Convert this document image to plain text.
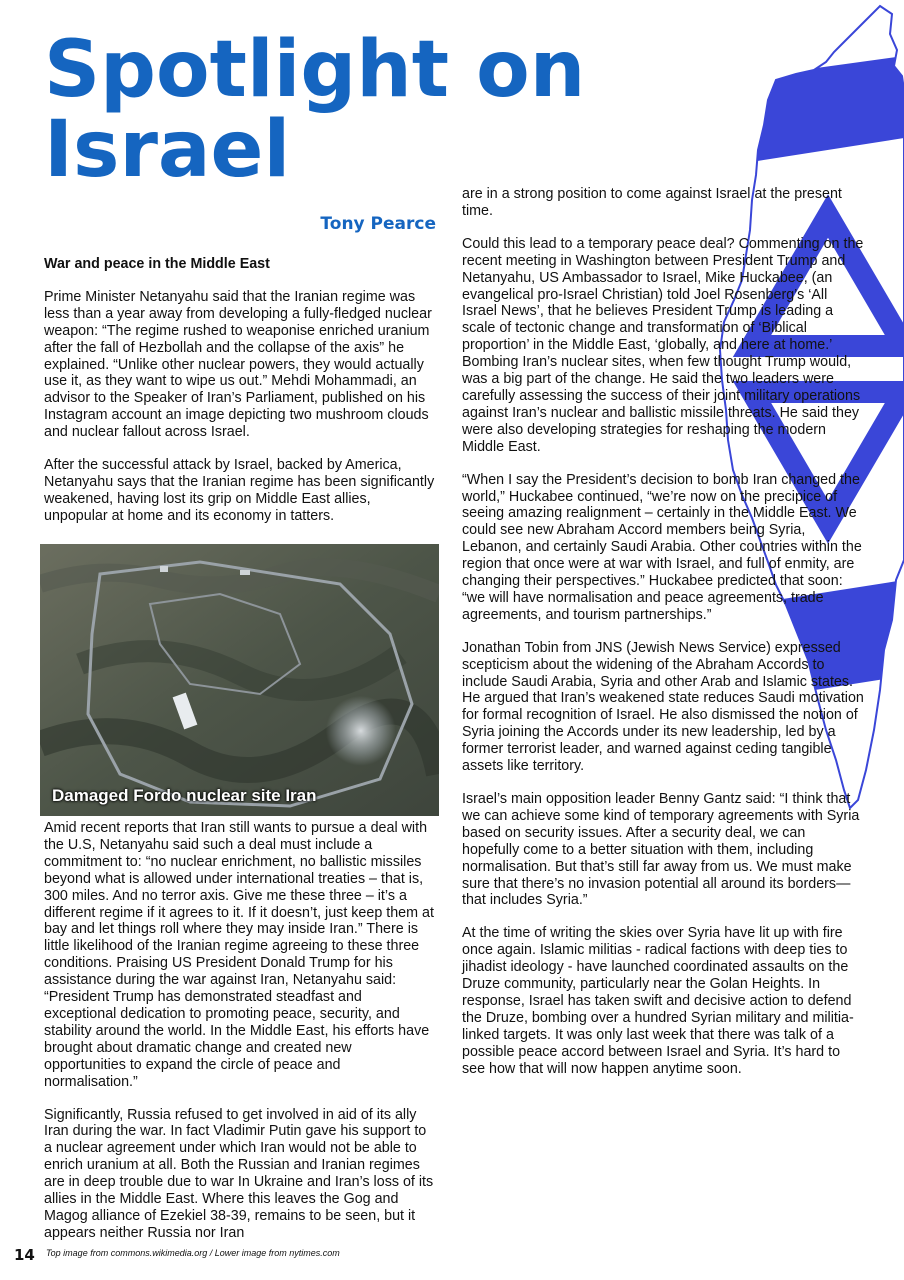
Spotlight on
Israel
Tony Pearce

War and peace in the Middle East

Prime Minister Netanyahu said that the Iranian regime was less than a year away from developing a fully-fledged nuclear weapon: “The regime rushed to weaponise enriched uranium after the fall of Hezbollah and the collapse of the axis” he explained. “Unlike other nuclear powers, they would actually use it, as they want to wipe us out.” Mehdi Mohammadi, an advisor to the Speaker of Iran’s Parliament, published on his Instagram account an image depicting two mushroom clouds and nuclear fallout across Israel.

After the successful attack by Israel, backed by America, Netanyahu says that the Iranian regime has been significantly weakened, having lost its grip on Middle East allies, unpopular at home and its economy in tatters.

Damaged Fordo nuclear site Iran

Amid recent reports that Iran still wants to pursue a deal with the U.S, Netanyahu said such a deal must include a commitment to: “no nuclear enrichment, no ballistic missiles beyond what is allowed under international treaties – that is, 300 miles. And no terror axis. Give me these three – it’s a different regime if it agrees to it. If it doesn’t, just keep them at bay and let things roll where they may inside Iran.” There is little likelihood of the Iranian regime agreeing to these three conditions. Praising US President Donald Trump for his assistance during the war against Iran, Netanyahu said: “President Trump has demonstrated steadfast and exceptional dedication to promoting peace, security, and stability around the world. In the Middle East, his efforts have brought about dramatic change and created new opportunities to expand the circle of peace and normalisation.”

Significantly, Russia refused to get involved in aid of its ally Iran during the war. In fact Vladimir Putin gave his support to a nuclear agreement under which Iran would not be able to enrich uranium at all. Both the Russian and Iranian regimes are in deep trouble due to war In Ukraine and Iran’s loss of its allies in the Middle East. Where this leaves the Gog and Magog alliance of Ezekiel 38-39, remains to be seen, but it appears neither Russia nor Iran

are in a strong position to come against Israel at the present time.

Could this lead to a temporary peace deal? Commenting on the recent meeting in Washington between President Trump and Netanyahu, US Ambassador to Israel, Mike Huckabee, (an evangelical pro-Israel Christian) told Joel Rosenberg’s ‘All Israel News’, that he believes President Trump is leading a scale of tectonic change and transformation of ‘Biblical proportion’ in the Middle East, ‘globally, and here at home.’ Bombing Iran’s nuclear sites, when few thought Trump would, was a big part of the change. He said the two leaders were carefully assessing the success of their joint military operations against Iran’s nuclear and ballistic missile threats. He said they were also developing strategies for reshaping the modern Middle East.

“When I say the President’s decision to bomb Iran changed the world,” Huckabee continued, “we’re now on the precipice of seeing amazing realignment – certainly in the Middle East. We could see new Abraham Accord members being Syria, Lebanon, and certainly Saudi Arabia. Other countries within the region that once were at war with Israel, and full of enmity, are changing their perspectives.” Huckabee predicted that soon: “we will have normalisation and peace agreements, trade agreements, and tourism partnerships.”

Jonathan Tobin from JNS (Jewish News Service) expressed scepticism about the widening of the Abraham Accords to include Saudi Arabia, Syria and other Arab and Islamic states. He argued that Iran’s weakened state reduces Saudi motivation for formal recognition of Israel. He also dismissed the notion of Syria joining the Accords under its new leadership, led by a former terrorist leader, and warned against ceding tangible assets like territory.

Israel’s main opposition leader Benny Gantz said: “I think that we can achieve some kind of temporary agreements with Syria based on security issues. After a security deal, we can hopefully come to a better situation with them, including normalisation. But that’s still far away from us. We must make sure that there’s no invasion potential all around its borders—that includes Syria.”

At the time of writing the skies over Syria have lit up with fire once again. Islamic militias - radical factions with deep ties to jihadist ideology - have launched coordinated assaults on the Druze community, particularly near the Golan Heights. In response, Israel has taken swift and decisive action to defend the Druze, bombing over a hundred Syrian military and militia-linked targets. It was only last week that there was talk of a possible peace accord between Israel and Syria. It’s hard to see how that will now happen anytime soon.

14 Top image from commons.wikimedia.org / Lower image from nytimes.com
